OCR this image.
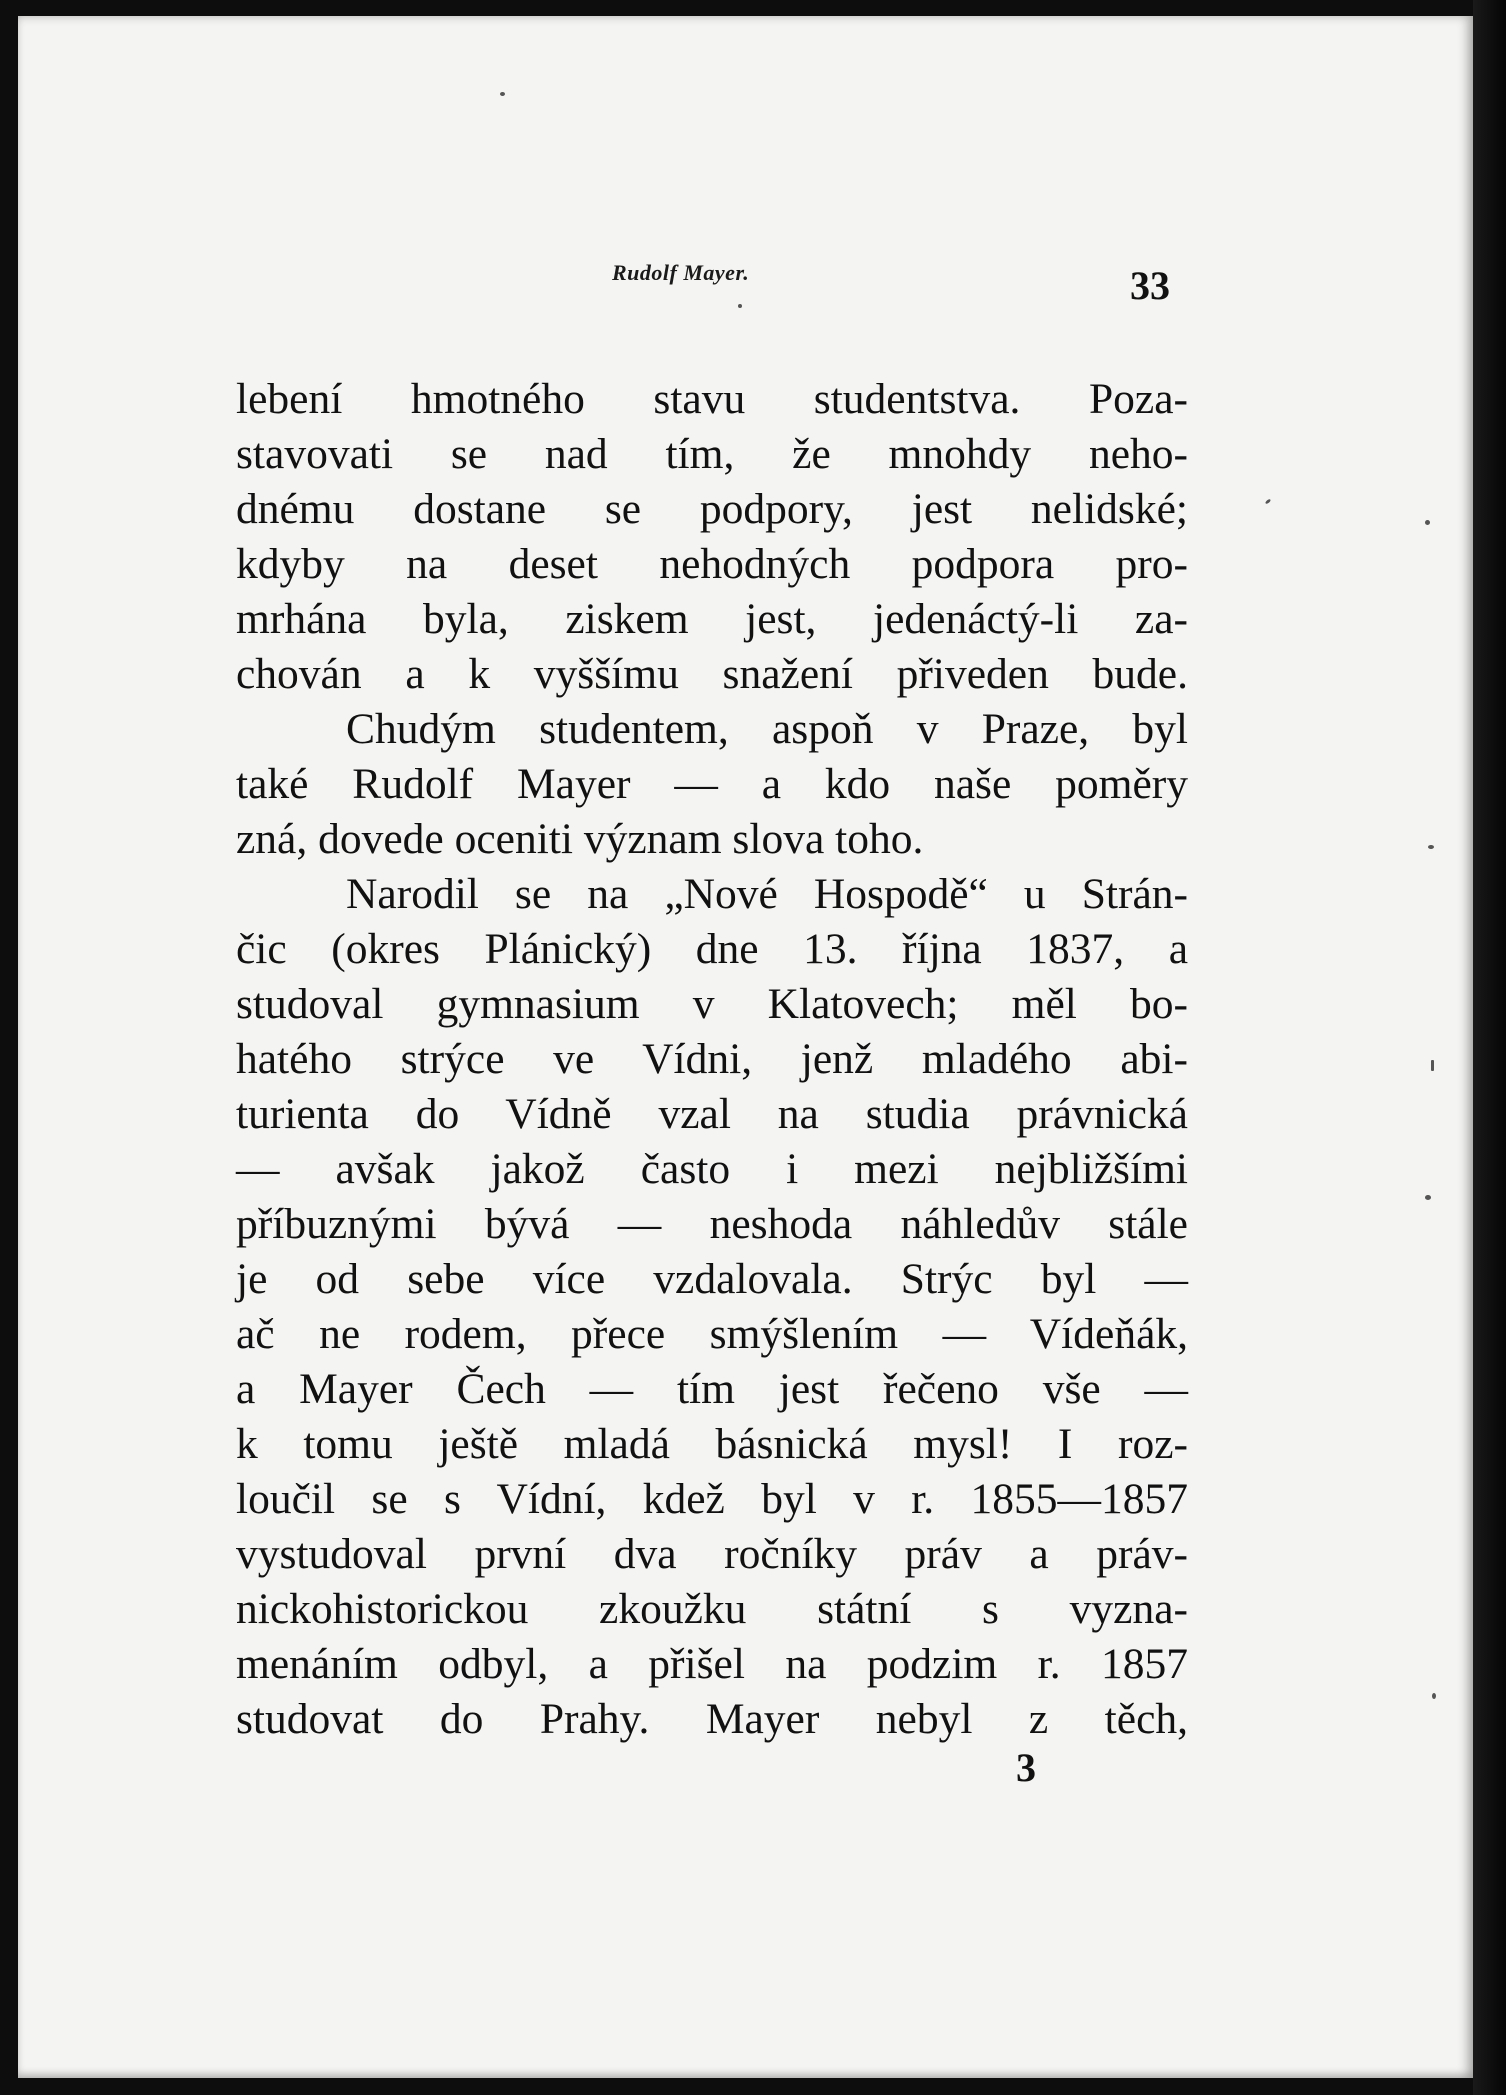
Rudolf Mayer.	33
lebení hmotného stavu studentstva. Poza-
stavovati se nad tím, že mnohdy neho-
dnému dostane se podpory, jest nelidské;
kdyby na deset nehodných podpora pro-
mrhána byla, ziskem jest, jedenáctý-li za-
chován a k vyššímu snažení přiveden bude.
Chudým studentem, aspoň v Praze, byl
také Rudolf Mayer — a kdo naše poměry
zná, dovede oceniti význam slova toho.
Narodil se na „Nové Hospodě“ u Strán-
čic (okres Plánický) dne 13. října 1837, a
studoval gymnasium v Klatovech; měl bo-
hatého strýce ve Vídni, jenž mladého abi-
turienta do Vídně vzal na studia právnická
— avšak jakož často i mezi nejbližšími
příbuznými bývá — neshoda náhledův stále
je od sebe více vzdalovala. Strýc byl —
ač ne rodem, přece smýšlením — Vídeňák,
a Mayer Čech — tím jest řečeno vše —
k tomu ještě mladá básnická mysl! I roz-
loučil se s Vídní, kdež byl v r. 1855—1857
vystudoval první dva ročníky práv a práv-
nickohistorickou zkoužku státní s vyzna-
menáním odbyl, a přišel na podzim r. 1857
studovat do Prahy. Mayer nebyl z těch,
3
